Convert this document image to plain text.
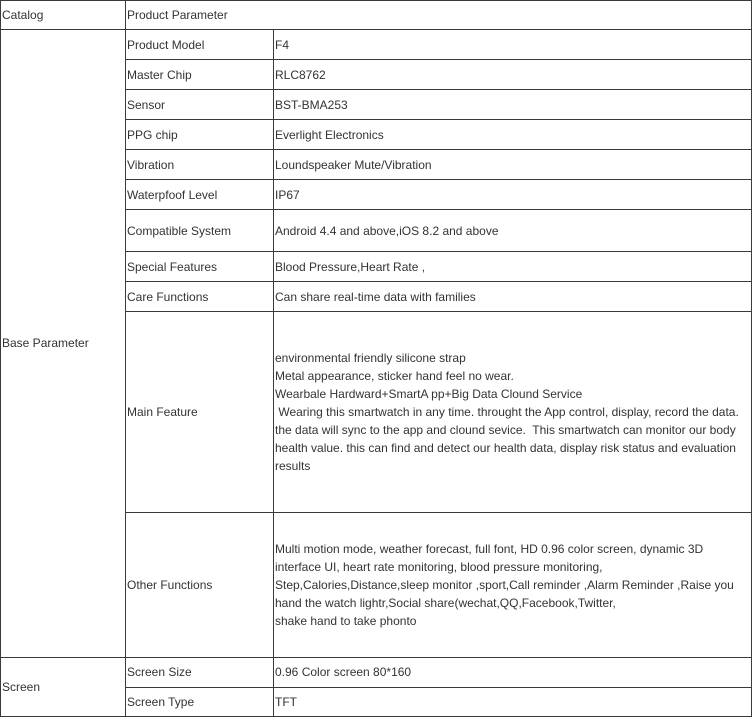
Catalog	Product Parameter	
Base Parameter	Product Model	F4
	Master Chip	RLC8762
	Sensor	BST-BMA253
	PPG chip	Everlight Electronics
	Vibration	Loundspeaker Mute/Vibration
	Waterpfoof Level	IP67
	Compatible System	Android 4.4 and above,iOS 8.2 and above
	Special Features	Blood Pressure,Heart Rate ,
	Care Functions	Can share real-time data with families
	Main Feature	environmental friendly silicone strap
Metal appearance, sticker hand feel no wear.
Wearbale Hardward+SmartA pp+Big Data Clound Service
Wearing this smartwatch in any time. throught the App control, display, record the data. the data will sync to the app and clound sevice.  This smartwatch can monitor our body health value. this can find and detect our health data, display risk status and evaluation results

	Other Functions	Multi motion mode, weather forecast, full font, HD 0.96 color screen, dynamic 3D interface UI, heart rate monitoring, blood pressure monitoring,
Step,Calories,Distance,sleep monitor ,sport,Call reminder ,Alarm Reminder ,Raise you hand the watch lightr,Social share(wechat,QQ,Facebook,Twitter,
shake hand to take phonto

Screen	Screen Size	0.96 Color screen 80*160
	Screen Type	TFT
